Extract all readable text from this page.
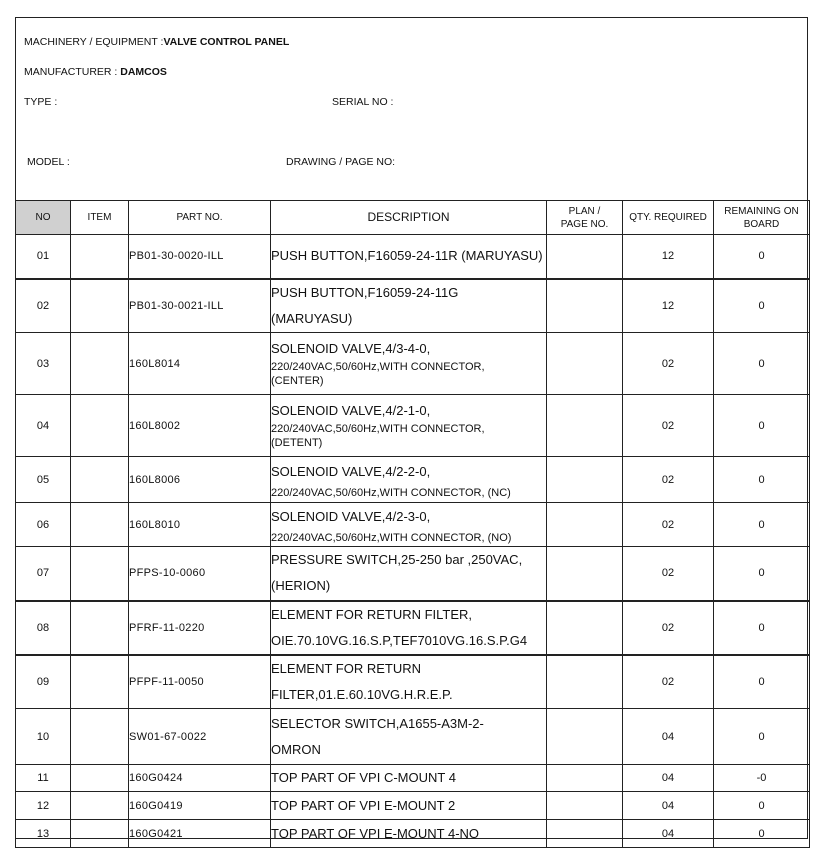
MACHINERY / EQUIPMENT :VALVE CONTROL PANEL
MANUFACTURER : DAMCOS
TYPE :	SERIAL NO :
MODEL :	DRAWING / PAGE NO:
NO	ITEM	PART NO.	DESCRIPTION	PLAN / PAGE NO.	QTY. REQUIRED	REMAINING ON BOARD
01		PB01-30-0020-ILL	PUSH BUTTON,F16059-24-11R (MARUYASU)		12	0
02		PB01-30-0021-ILL	PUSH BUTTON,F16059-24-11G
(MARUYASU)		12	0
03		160L8014	SOLENOID VALVE,4/3-4-0,
220/240VAC,50/60Hz,WITH CONNECTOR,
(CENTER)		02	0
04		160L8002	SOLENOID VALVE,4/2-1-0,
220/240VAC,50/60Hz,WITH CONNECTOR,
(DETENT)		02	0
05		160L8006	SOLENOID VALVE,4/2-2-0,
220/240VAC,50/60Hz,WITH CONNECTOR, (NC)		02	0
06		160L8010	SOLENOID VALVE,4/2-3-0,
220/240VAC,50/60Hz,WITH CONNECTOR, (NO)		02	0
07		PFPS-10-0060	PRESSURE SWITCH,25-250 bar ,250VAC,
(HERION)		02	0
08		PFRF-11-0220	ELEMENT FOR RETURN FILTER,
OIE.70.10VG.16.S.P,TEF7010VG.16.S.P.G4		02	0
09		PFPF-11-0050	ELEMENT FOR RETURN
FILTER,01.E.60.10VG.H.R.E.P.		02	0
10		SW01-67-0022	SELECTOR SWITCH,A1655-A3M-2-
OMRON		04	0
11		160G0424	TOP PART OF VPI C-MOUNT 4		04	-0
12		160G0419	TOP PART OF VPI E-MOUNT 2		04	0
13		160G0421	TOP PART OF VPI E-MOUNT 4-NO		04	0
